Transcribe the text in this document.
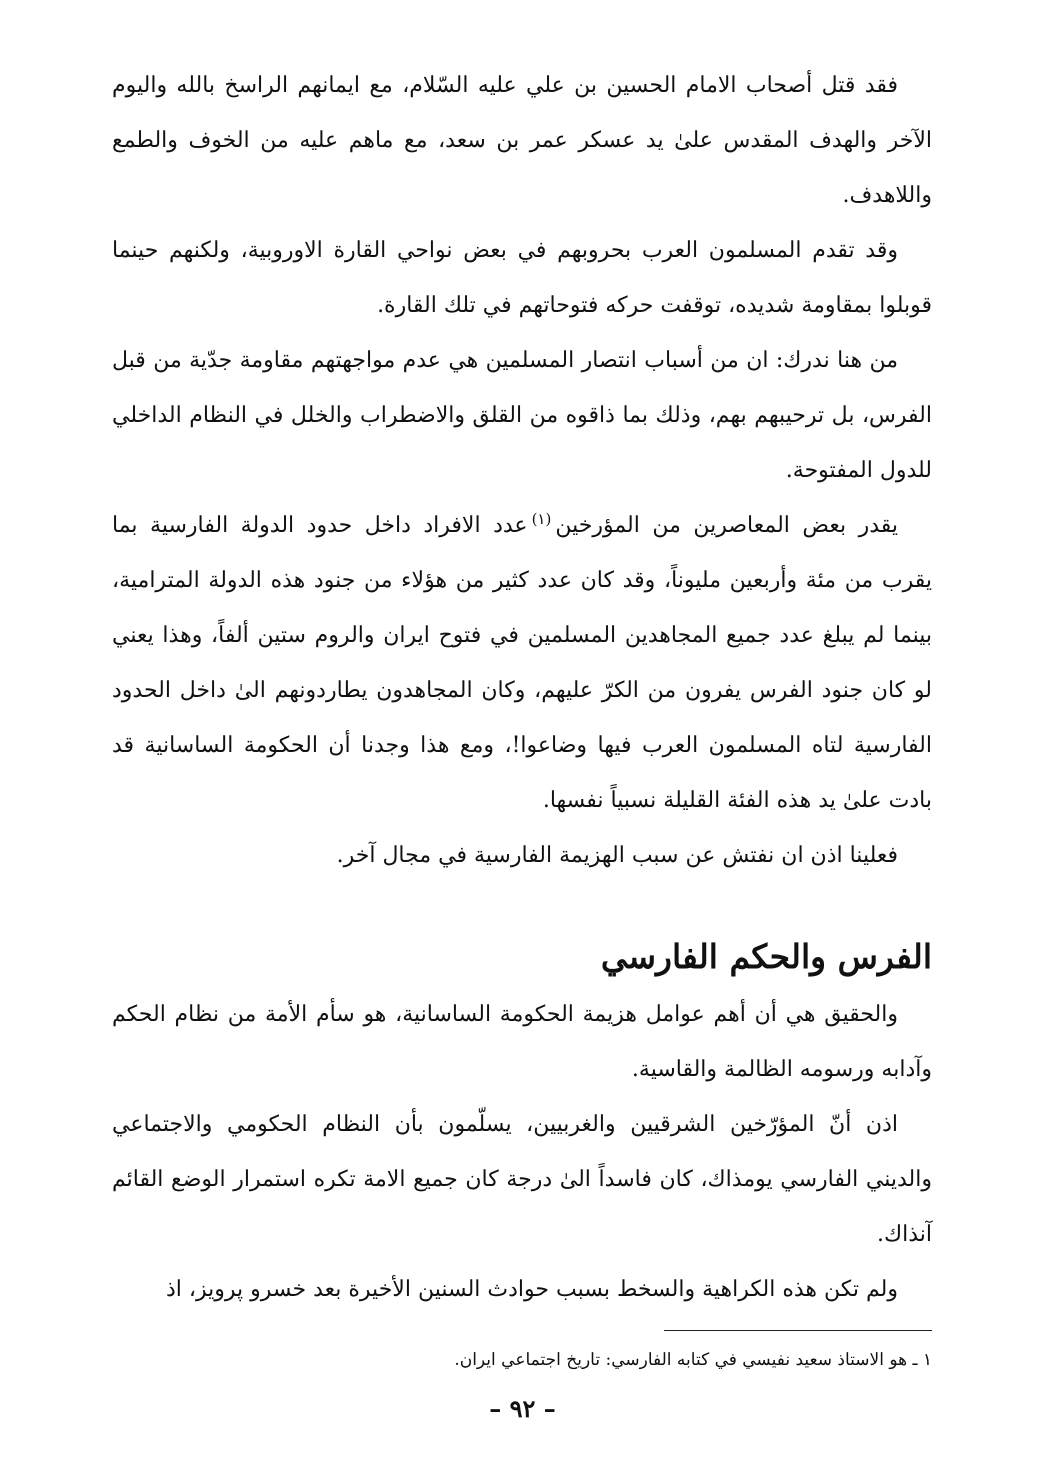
فقد قتل أصحاب الامام الحسين بن علي عليه السّلام، مع ايمانهم الراسخ بالله واليوم الآخر والهدف المقدس علىٰ يد عسكر عمر بن سعد، مع ماهم عليه من الخوف والطمع واللاهدف.

وقد تقدم المسلمون العرب بحروبهم في بعض نواحي القارة الاوروبية، ولكنهم حينما قوبلوا بمقاومة شديده، توقفت حركه فتوحاتهم في تلك القارة.

من هنا ندرك: ان من أسباب انتصار المسلمين هي عدم مواجهتهم مقاومة جدّية من قبل الفرس، بل ترحيبهم بهم، وذلك بما ذاقوه من القلق والاضطراب والخلل في النظام الداخلي للدول المفتوحة.

يقدر بعض المعاصرين من المؤرخين$^{(١)}$عدد الافراد داخل حدود الدولة الفارسية بما يقرب من مئة وأربعين مليوناً، وقد كان عدد كثير من هؤلاء من جنود هذه الدولة المترامية، بينما لم يبلغ عدد جميع المجاهدين المسلمين في فتوح ايران والروم ستين ألفاً، وهذا يعني لو كان جنود الفرس يفرون من الكرّ عليهم، وكان المجاهدون يطاردونهم الىٰ داخل الحدود الفارسية لتاه المسلمون العرب فيها وضاعوا!، ومع هذا وجدنا أن الحكومة الساسانية قد بادت علىٰ يد هذه الفئة القليلة نسبياً نفسها.

فعلينا اذن ان نفتش عن سبب الهزيمة الفارسية في مجال آخر.

الفرس والحكم الفارسي

والحقيق هي أن أهم عوامل هزيمة الحكومة الساسانية، هو سأم الأمة من نظام الحكم وآدابه ورسومه الظالمة والقاسية.

اذن أنّ المؤرّخين الشرقيين والغربيين، يسلّمون بأن النظام الحكومي والاجتماعي والديني الفارسي يومذاك، كان فاسداً الىٰ درجة كان جميع الامة تكره استمرار الوضع القائم آنذاك.

ولم تكن هذه الكراهية والسخط بسبب حوادث السنين الأخيرة بعد خسرو پرويز، اذ

١ ـ هو الاستاذ سعيد نفيسي في كتابه الفارسي: تاريخ اجتماعي ايران.
– ٩٢ –
